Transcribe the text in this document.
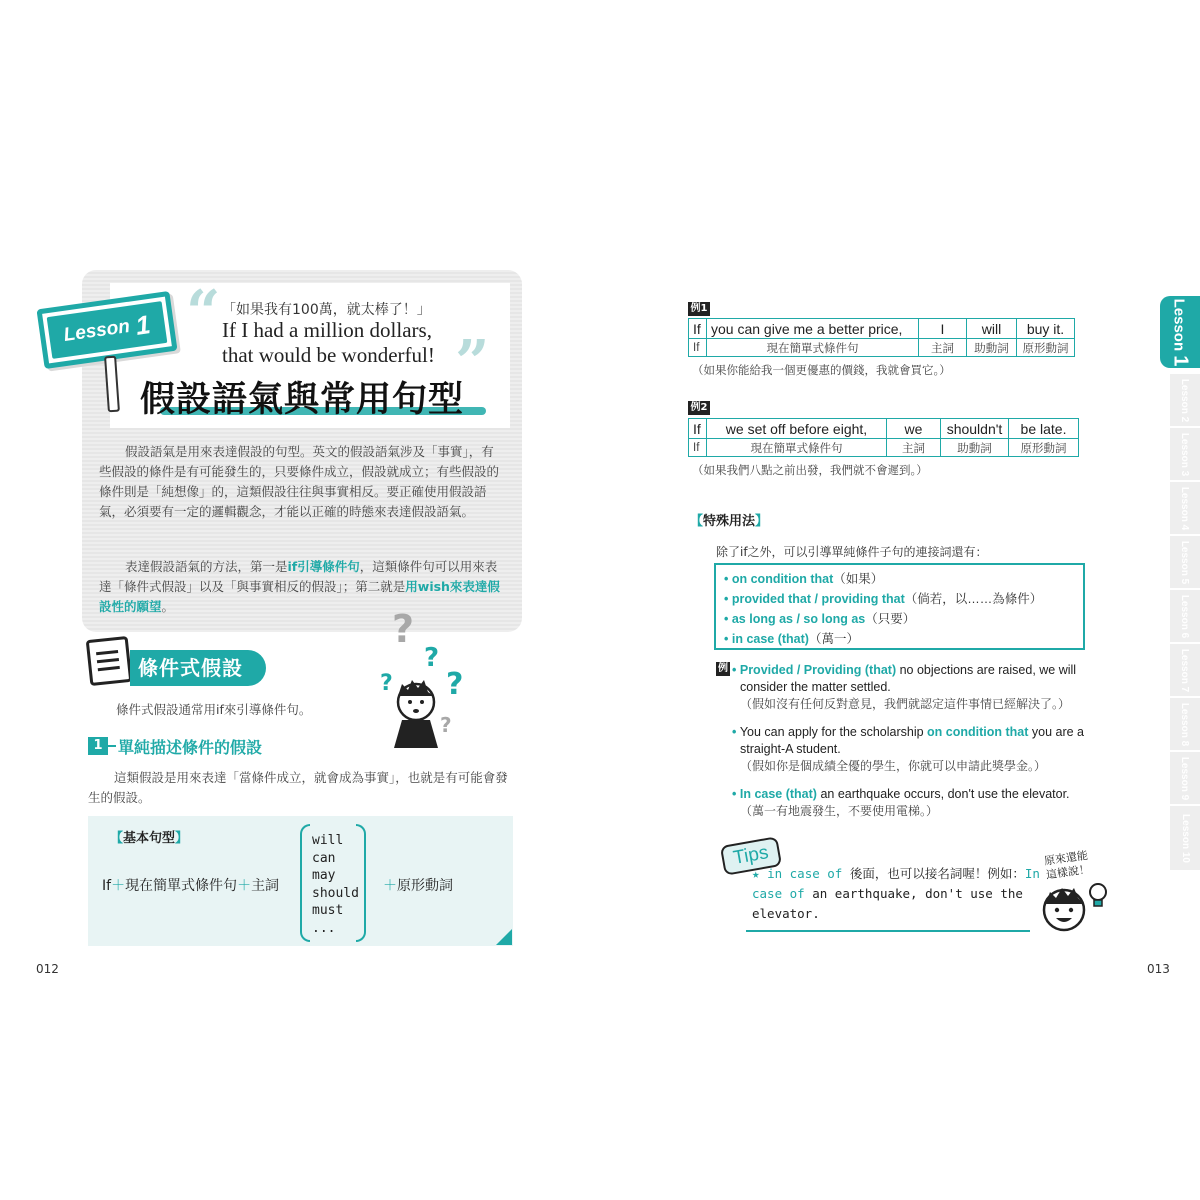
Lesson 1 “
”
「如果我有100萬，就太棒了！」
If I had a million dollars,
that would be wonderful!
假設語氣與常用句型
假設語氣是用來表達假設的句型。英文的假設語氣涉及「事實」，有些假設的條件是有可能發生的，只要條件成立，假設就成立；有些假設的條件則是「純想像」的，這類假設往往與事實相反。要正確使用假設語氣，必須要有一定的邏輯觀念，才能以正確的時態來表達假設語氣。
表達假設語氣的方法，第一是if引導條件句，這類條件句可以用來表達「條件式假設」以及「與事實相反的假設」；第二就是用wish來表達假設性的願望。
條件式假設
?
?
? ?
?
條件式假設通常用if來引導條件句。
1 單純描述條件的假設
這類假設是用來表達「當條件成立，就會成為事實」，也就是有可能會發生的假設。
【基本句型】
If＋現在簡單式條件句＋主詞
will
can
may
should
must
...
＋原形動詞
012
例1
If	you can give me a better price,	I	will	buy it.
If	現在簡單式條件句	主詞	助動詞	原形動詞
（如果你能給我一個更優惠的價錢，我就會買它。）
例2
If	we set off before eight,	we	shouldn't	be late.
If	現在簡單式條件句	主詞	助動詞	原形動詞
（如果我們八點之前出發，我們就不會遲到。）
【特殊用法】
除了if之外，可以引導單純條件子句的連接詞還有：
• on condition that（如果）
• provided that / providing that（倘若，以……為條件）
• as long as / so long as（只要）
• in case (that)（萬一）
例 • Provided / Providing (that) no objections are raised, we will consider the matter settled.
（假如沒有任何反對意見，我們就認定這件事情已經解決了。）
• You can apply for the scholarship on condition that you are a straight-A student.
（假如你是個成績全優的學生，你就可以申請此獎學金。）
• In case (that) an earthquake occurs, don't use the elevator.
（萬一有地震發生，不要使用電梯。）
Tips
★ in case of 後面，也可以接名詞喔！例如：In case of an earthquake, don't use the elevator.
原來還能這樣說！
013
Lesson 1
Lesson 2
Lesson 3
Lesson 4
Lesson 5
Lesson 6
Lesson 7
Lesson 8
Lesson 9
Lesson 10
